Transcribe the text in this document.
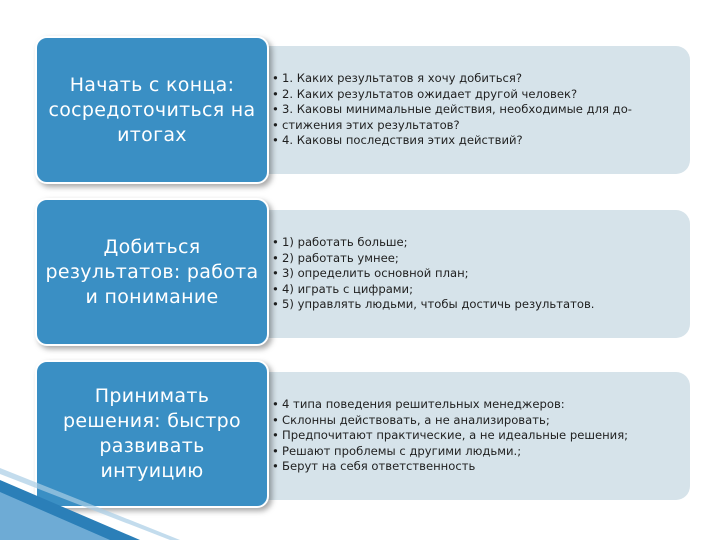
• 1. Каких результатов я хочу добиться?
• 2. Каких результатов ожидает другой человек?
• 3. Каковы минимальные действия, необходимые для до-
• стижения этих результатов?
• 4. Каковы последствия этих действий?
Начать с конца: сосредоточиться на итогах
• 1) работать больше;
• 2) работать умнее;
• 3) определить основной план;
• 4) играть с цифрами;
• 5) управлять людьми, чтобы достичь результатов.
Добиться результатов: работа и понимание
• 4 типа поведения решительных менеджеров:
• Склонны действовать, а не анализировать;
• Предпочитают практические, а не идеальные решения;
• Решают проблемы с другими людьми.;
• Берут на себя ответственность
Принимать решения: быстро развивать интуицию
